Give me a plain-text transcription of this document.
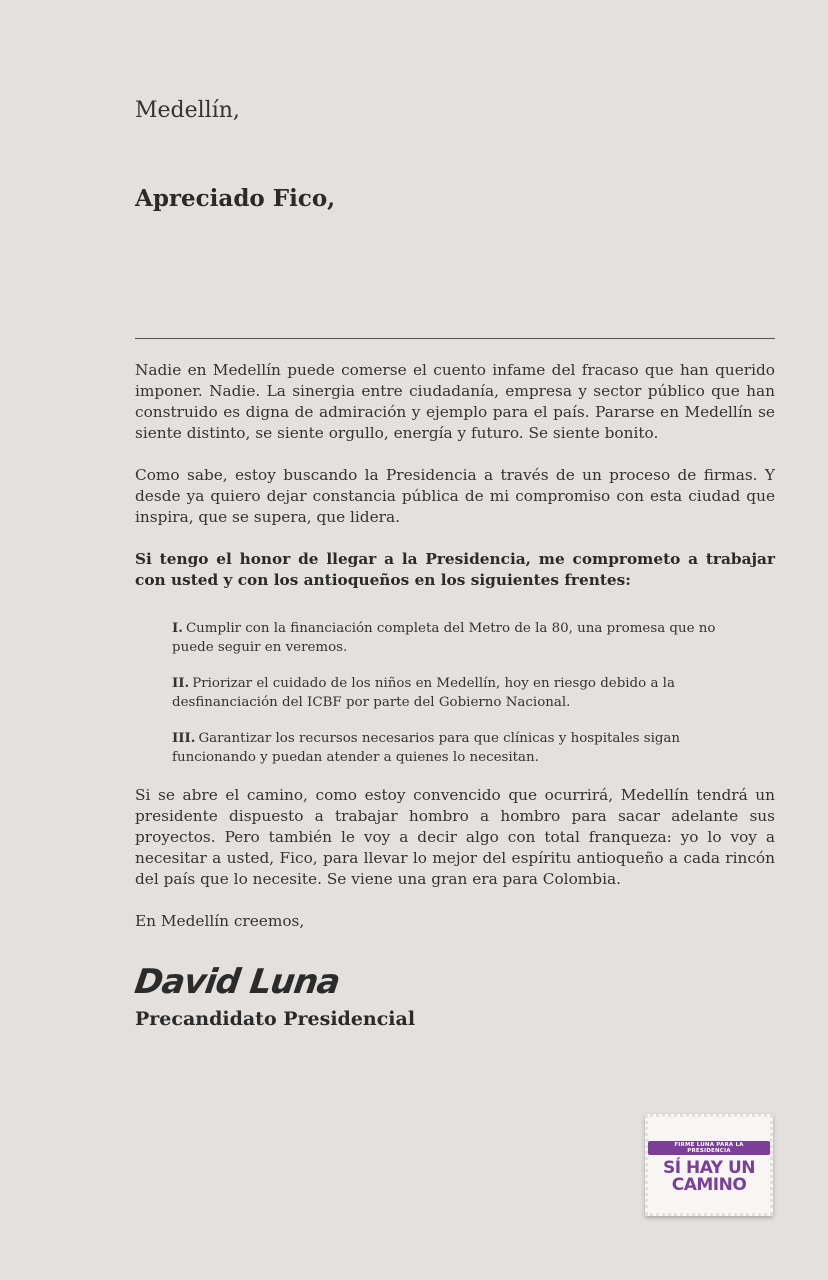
Medellín,
Apreciado Fico,

Nadie en Medellín puede comerse el cuento infame del fracaso que han querido imponer. Nadie. La sinergia entre ciudadanía, empresa y sector público que han construido es digna de admiración y ejemplo para el país. Pararse en Medellín se siente distinto, se siente orgullo, energía y futuro. Se siente bonito.

Como sabe, estoy buscando la Presidencia a través de un proceso de firmas. Y desde ya quiero dejar constancia pública de mi compromiso con esta ciudad que inspira, que se supera, que lidera.

Si tengo el honor de llegar a la Presidencia, me comprometo a trabajar con usted y con los antioqueños en los siguientes frentes:

I. Cumplir con la financiación completa del Metro de la 80, una promesa que no puede seguir en veremos.

II. Priorizar el cuidado de los niños en Medellín, hoy en riesgo debido a la desfinanciación del ICBF por parte del Gobierno Nacional.

III. Garantizar los recursos necesarios para que clínicas y hospitales sigan funcionando y puedan atender a quienes lo necesitan.

Si se abre el camino, como estoy convencido que ocurrirá, Medellín tendrá un presidente dispuesto a trabajar hombro a hombro para sacar adelante sus proyectos. Pero también le voy a decir algo con total franqueza: yo lo voy a necesitar a usted, Fico, para llevar lo mejor del espíritu antioqueño a cada rincón del país que lo necesite. Se viene una gran era para Colombia.

En Medellín creemos,

David Luna
Precandidato Presidencial
FIRME LUNA PARA LA PRESIDENCIA
SÍ HAY UN
CAMINO
